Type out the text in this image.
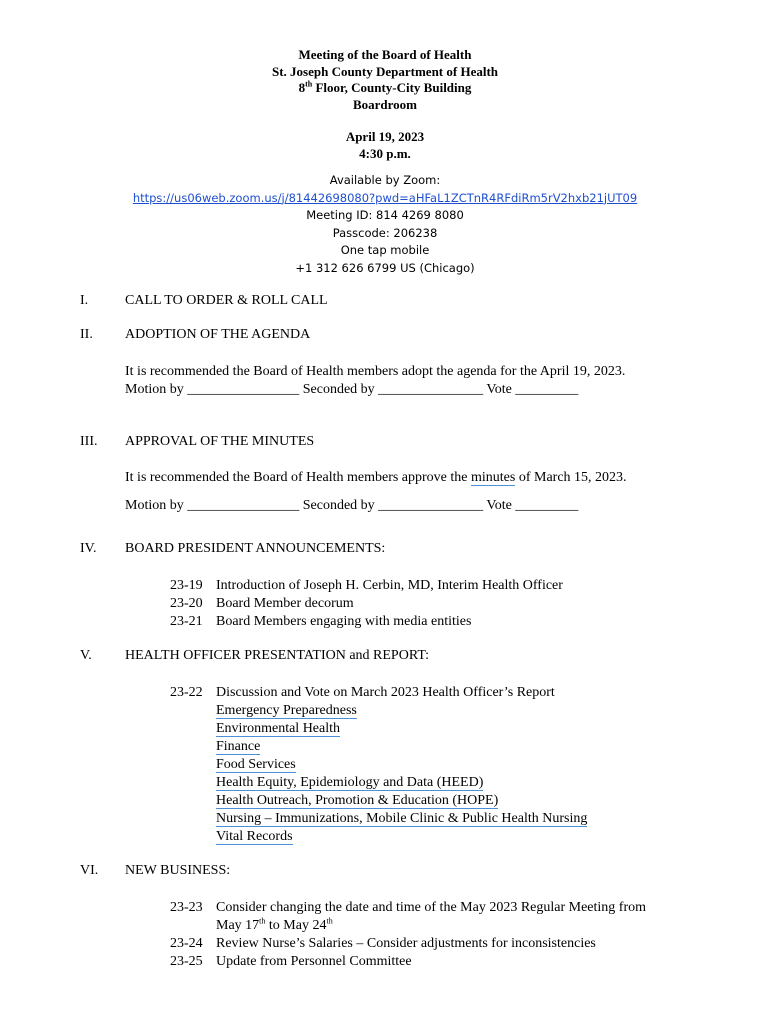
Meeting of the Board of Health
St. Joseph County Department of Health
8th Floor, County-City Building
Boardroom
April 19, 2023
4:30 p.m.
Available by Zoom:
https://us06web.zoom.us/j/81442698080?pwd=aHFaL1ZCTnR4RFdiRm5rV2hxb21jUT09
Meeting ID: 814 4269 8080
Passcode: 206238
One tap mobile
+1 312 626 6799 US (Chicago)
I.	CALL TO ORDER & ROLL CALL
II. ADOPTION OF THE AGENDA
It is recommended the Board of Health members adopt the agenda for the April 19, 2023.
Motion by ________________ Seconded by _______________ Vote _________
III. APPROVAL OF THE MINUTES
It is recommended the Board of Health members approve the minutes of March 15, 2023.
Motion by ________________ Seconded by _______________ Vote _________
IV. BOARD PRESIDENT ANNOUNCEMENTS:
23-19 Introduction of Joseph H. Cerbin, MD, Interim Health Officer
23-20 Board Member decorum
23-21 Board Members engaging with media entities
V. HEALTH OFFICER PRESENTATION and REPORT:
23-22 Discussion and Vote on March 2023 Health Officer’s Report
Emergency Preparedness
Environmental Health
Finance
Food Services
Health Equity, Epidemiology and Data (HEED)
Health Outreach, Promotion & Education (HOPE)
Nursing – Immunizations, Mobile Clinic & Public Health Nursing
Vital Records
VI. NEW BUSINESS:
23-23 Consider changing the date and time of the May 2023 Regular Meeting from
May 17th to May 24th
23-24 Review Nurse’s Salaries – Consider adjustments for inconsistencies
23-25 Update from Personnel Committee
